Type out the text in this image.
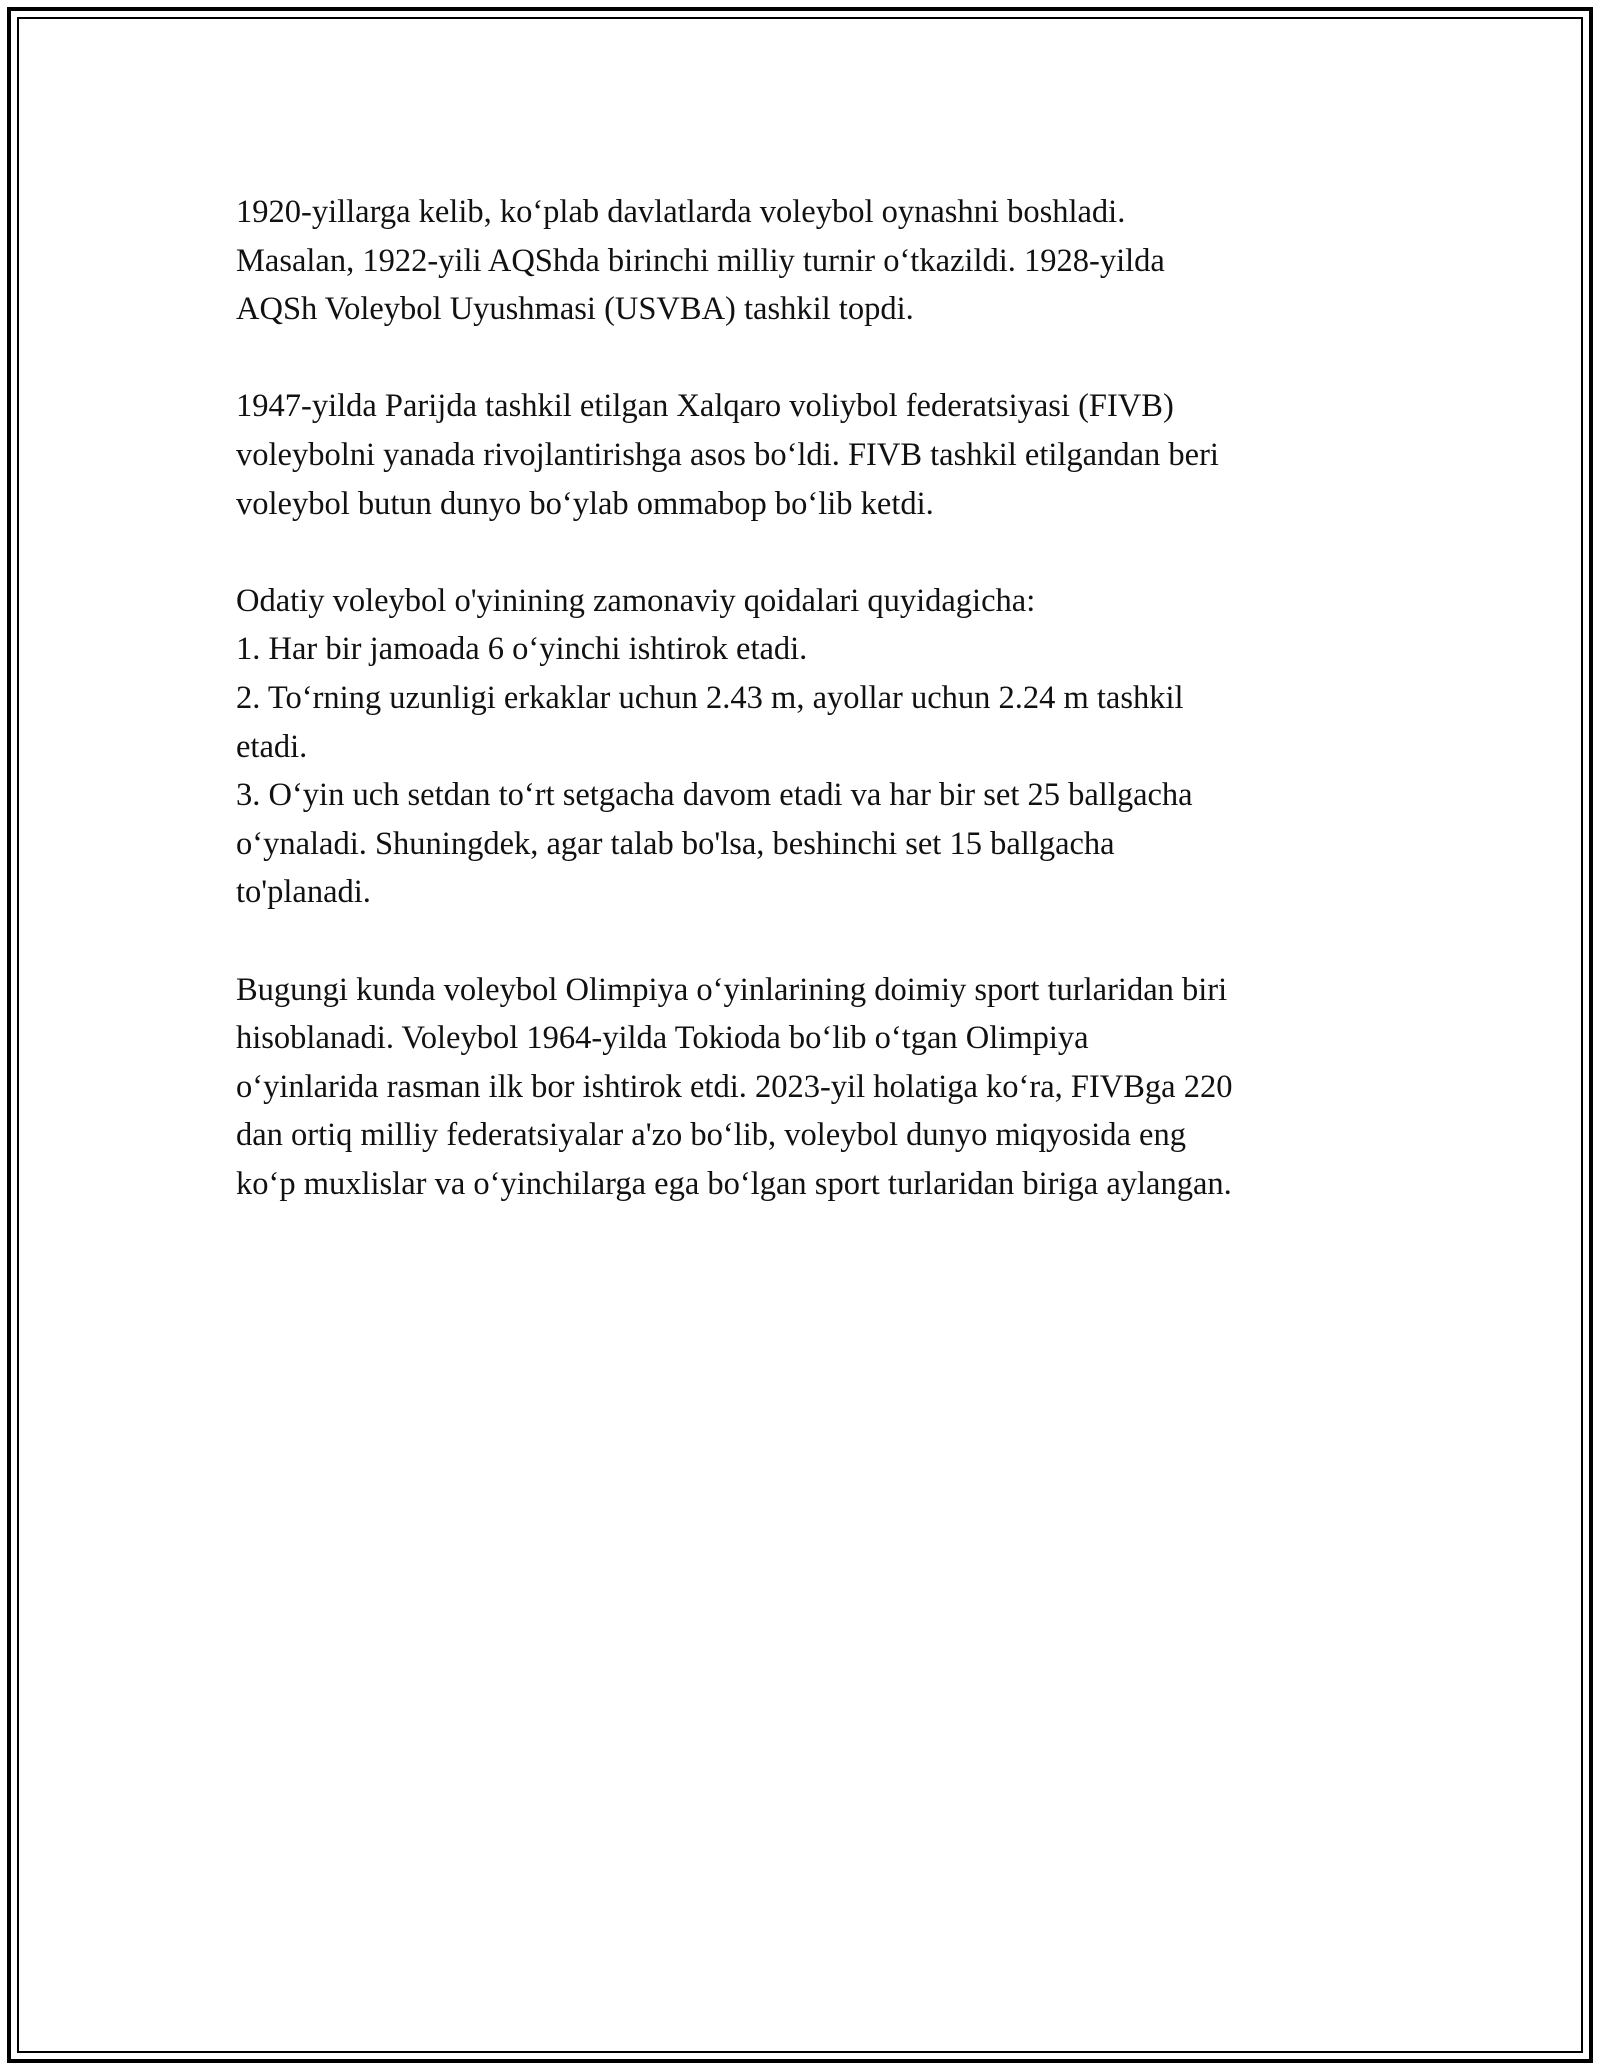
1920-yillarga kelib, koʻplab davlatlarda voleybol oynashni boshladi.
Masalan, 1922-yili AQShda birinchi milliy turnir oʻtkazildi. 1928-yilda
AQSh Voleybol Uyushmasi (USVBA) tashkil topdi.

1947-yilda Parijda tashkil etilgan Xalqaro voliybol federatsiyasi (FIVB)
voleybolni yanada rivojlantirishga asos boʻldi. FIVB tashkil etilgandan beri
voleybol butun dunyo boʻylab ommabop boʻlib ketdi.

Odatiy voleybol o'yinining zamonaviy qoidalari quyidagicha:
1. Har bir jamoada 6 oʻyinchi ishtirok etadi.
2. Toʻrning uzunligi erkaklar uchun 2.43 m, ayollar uchun 2.24 m tashkil
etadi.
3. Oʻyin uch setdan toʻrt setgacha davom etadi va har bir set 25 ballgacha
oʻynaladi. Shuningdek, agar talab bo'lsa, beshinchi set 15 ballgacha
to'planadi.

Bugungi kunda voleybol Olimpiya oʻyinlarining doimiy sport turlaridan biri
hisoblanadi. Voleybol 1964-yilda Tokioda boʻlib oʻtgan Olimpiya
oʻyinlarida rasman ilk bor ishtirok etdi. 2023-yil holatiga koʻra, FIVBga 220
dan ortiq milliy federatsiyalar a'zo boʻlib, voleybol dunyo miqyosida eng
koʻp muxlislar va oʻyinchilarga ega boʻlgan sport turlaridan biriga aylangan.
